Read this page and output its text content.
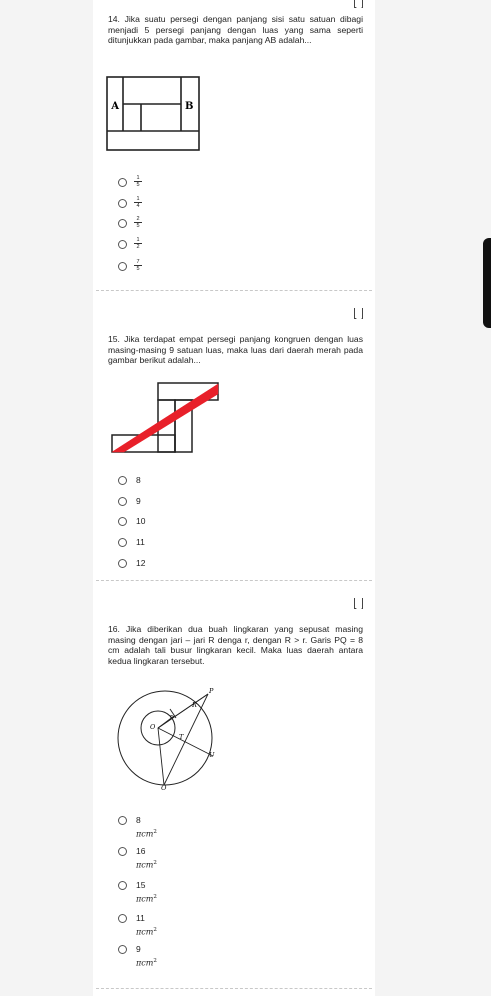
14. Jika suatu persegi dengan panjang sisi satu satuan dibagi menjadi 5 persegi panjang dengan luas yang sama seperti ditunjukkan pada gambar, maka panjang AB adalah...
A	B
$\frac{1}{5}$
$\frac{1}{4}$
$\frac{2}{5}$
$\frac{1}{2}$
$\frac{7}{5}$
15. Jika terdapat empat persegi panjang kongruen dengan luas masing-masing 9 satuan luas, maka luas dari daerah merah pada gambar berikut adalah...
8
9
10
11
12
16. Jika diberikan dua buah lingkaran yang sepusat masing masing dengan jari – jari R denga r, dengan R > r. Garis PQ = 8 cm adalah tali busur lingkaran kecil. Maka luas daerah antara kedua lingkaran tersebut.
P
R
r
O
T
U
Q
8
πcm$^2$
16
πcm$^2$
15
πcm$^2$
11
πcm$^2$
9
πcm$^2$
